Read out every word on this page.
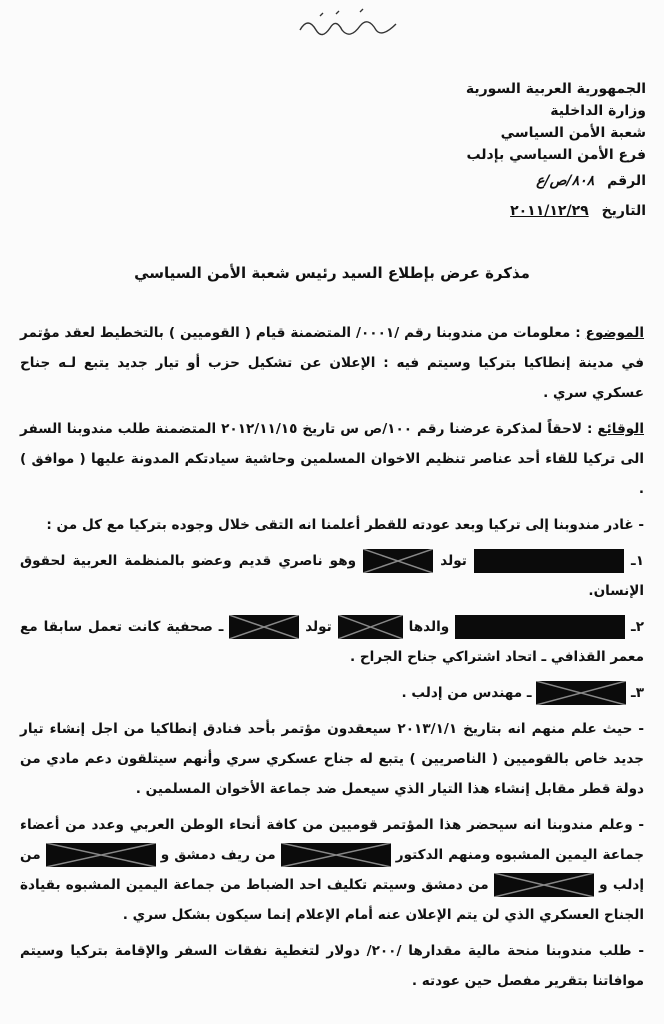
الجمهورية العربية السورية
وزارة الداخلية
شعبة الأمن السياسي
فرع الأمن السياسي بإدلب
الرقم ٨٠٨/ص/ع
التاريخ ٢٠١١/١٢/٢٩
مذكرة عرض بإطلاع السيد رئيس شعبة الأمن السياسي

الموضوع : معلومات من مندوبنا رقم /٠٠٠١/ المتضمنة قيام ( القوميين ) بالتخطيط لعقد مؤتمر في مدينة إنطاكيا بتركيا وسيتم فيه : الإعلان عن تشكيل حزب أو تيار جديد يتبع لـه جناح عسكري سري .

الوقائع : لاحقاً لمذكرة عرضنا رقم ١٠٠/ص س تاريخ ٢٠١٢/١١/١٥ المتضمنة طلب مندوبنا السفر الى تركيا للقاء أحد عناصر تنظيم الاخوان المسلمين وحاشية سيادتكم المدونة عليها ( موافق ) .

- غادر مندوبنا إلى تركيا وبعد عودته للقطر أعلمنا انه التقى خلال وجوده بتركيا مع كل من :

١ـ  تولد
وهو ناصري قديم وعضو بالمنظمة العربية لحقوق الإنسان.

٢ـ  والدها
تولد
ـ صحفية كانت تعمل سابقا مع معمر القذافي ـ اتحاد اشتراكي جناح الجراح .

٣ـ
ـ مهندس من إدلب .

- حيث علم منهم انه بتاريخ ٢٠١٣/١/١ سيعقدون مؤتمر بأحد فنادق إنطاكيا من اجل إنشاء تيار جديد خاص بالقوميين ( الناصريين ) يتبع له جناح عسكري سري وأنهم سيتلقون دعم مادي من دولة قطر مقابل إنشاء هذا التيار الذي سيعمل ضد جماعة الأخوان المسلمين .

- وعلم مندوبنا انه سيحضر هذا المؤتمر قوميين من كافة أنحاء الوطن العربي وعدد من أعضاء جماعة اليمين المشبوه ومنهم الدكتور
من ريف دمشق و
من إدلب و
من دمشق وسيتم تكليف احد الضباط من جماعة اليمين المشبوه بقيادة الجناح العسكري الذي لن يتم الإعلان عنه أمام الإعلام إنما سيكون بشكل سري .

- طلب مندوبنا منحة مالية مقدارها /٢٠٠/ دولار لتغطية نفقات السفر والإقامة بتركيا وسيتم موافاتنا بتقرير مفصل حين عودته .
